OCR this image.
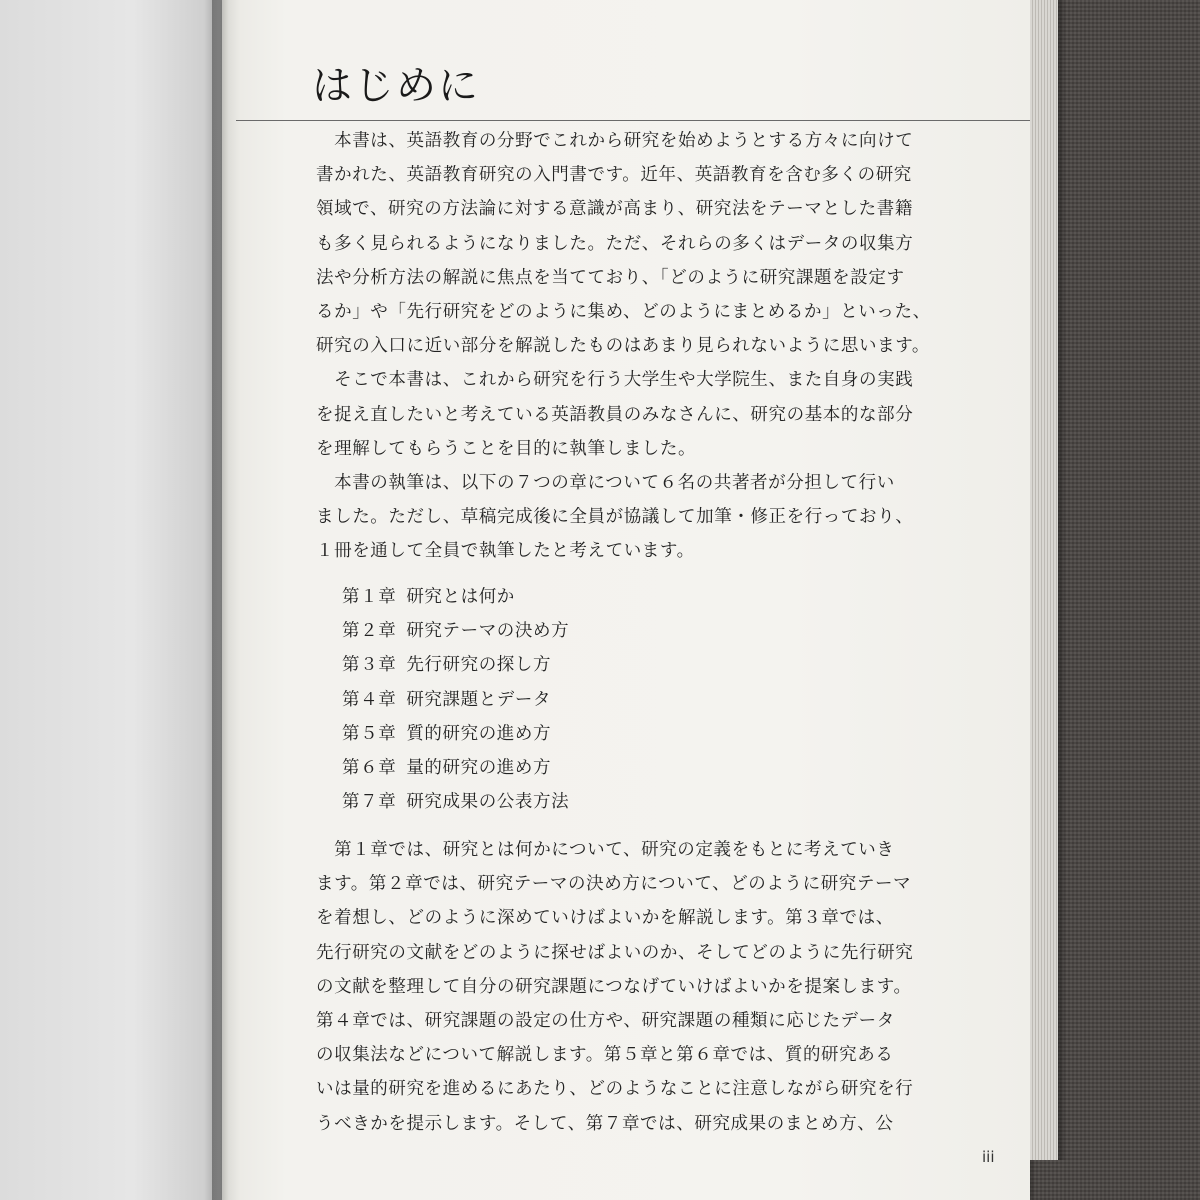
はじめに
　本書は、英語教育の分野でこれから研究を始めようとする方々に向けて
書かれた、英語教育研究の入門書です。近年、英語教育を含む多くの研究
領域で、研究の方法論に対する意識が高まり、研究法をテーマとした書籍
も多く見られるようになりました。ただ、それらの多くはデータの収集方
法や分析方法の解説に焦点を当てており、「どのように研究課題を設定す
るか」や「先行研究をどのように集め、どのようにまとめるか」といった、
研究の入口に近い部分を解説したものはあまり見られないように思います。
　そこで本書は、これから研究を行う大学生や大学院生、また自身の実践
を捉え直したいと考えている英語教員のみなさんに、研究の基本的な部分
を理解してもらうことを目的に執筆しました。
　本書の執筆は、以下の７つの章について６名の共著者が分担して行い
ました。ただし、草稿完成後に全員が協議して加筆・修正を行っており、
１冊を通して全員で執筆したと考えています。
第１章 研究とは何か
第２章 研究テーマの決め方
第３章 先行研究の探し方
第４章 研究課題とデータ
第５章 質的研究の進め方
第６章 量的研究の進め方
第７章 研究成果の公表方法
　第１章では、研究とは何かについて、研究の定義をもとに考えていき
ます。第２章では、研究テーマの決め方について、どのように研究テーマ
を着想し、どのように深めていけばよいかを解説します。第３章では、
先行研究の文献をどのように探せばよいのか、そしてどのように先行研究
の文献を整理して自分の研究課題につなげていけばよいかを提案します。
第４章では、研究課題の設定の仕方や、研究課題の種類に応じたデータ
の収集法などについて解説します。第５章と第６章では、質的研究ある
いは量的研究を進めるにあたり、どのようなことに注意しながら研究を行
うべきかを提示します。そして、第７章では、研究成果のまとめ方、公
iii
